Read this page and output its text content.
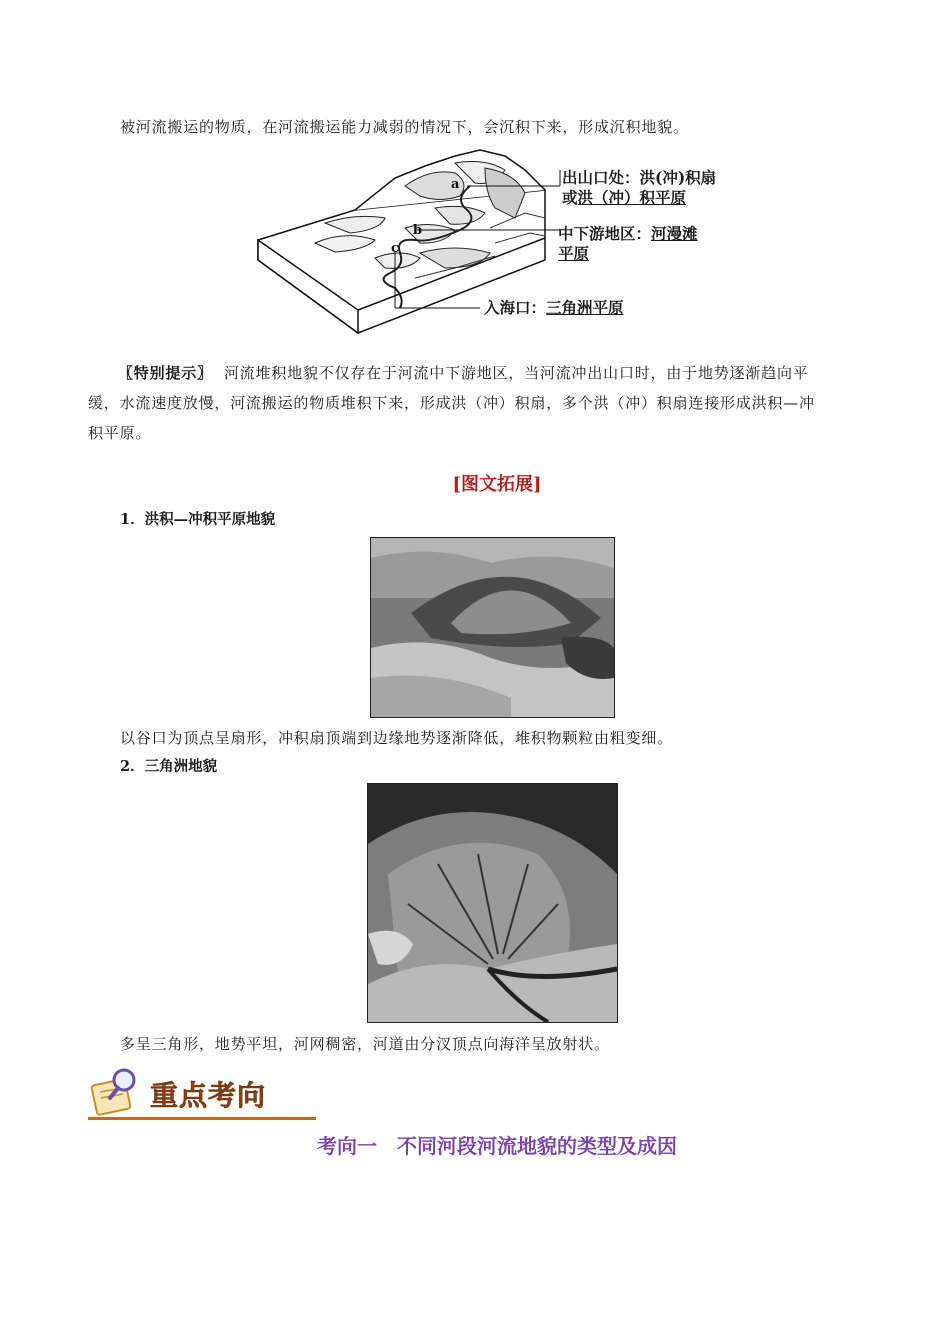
被河流搬运的物质，在河流搬运能力减弱的情况下，会沉积下来，形成沉积地貌。
a
b
c
出山口处：洪(冲)积扇
或洪（冲）积平原
中下游地区：河漫滩
平原
入海口：三角洲平原
〖特别提示〗 河流堆积地貌不仅存在于河流中下游地区，当河流冲出山口时，由于地势逐渐趋向平
缓，水流速度放慢，河流搬运的物质堆积下来，形成洪（冲）积扇，多个洪（冲）积扇连接形成洪积—冲
积平原。
[图文拓展]
1．洪积—冲积平原地貌
以谷口为顶点呈扇形，冲积扇顶端到边缘地势逐渐降低，堆积物颗粒由粗变细。
2．三角洲地貌
多呈三角形，地势平坦，河网稠密，河道由分汊顶点向海洋呈放射状。
重点考向
考向一　不同河段河流地貌的类型及成因
